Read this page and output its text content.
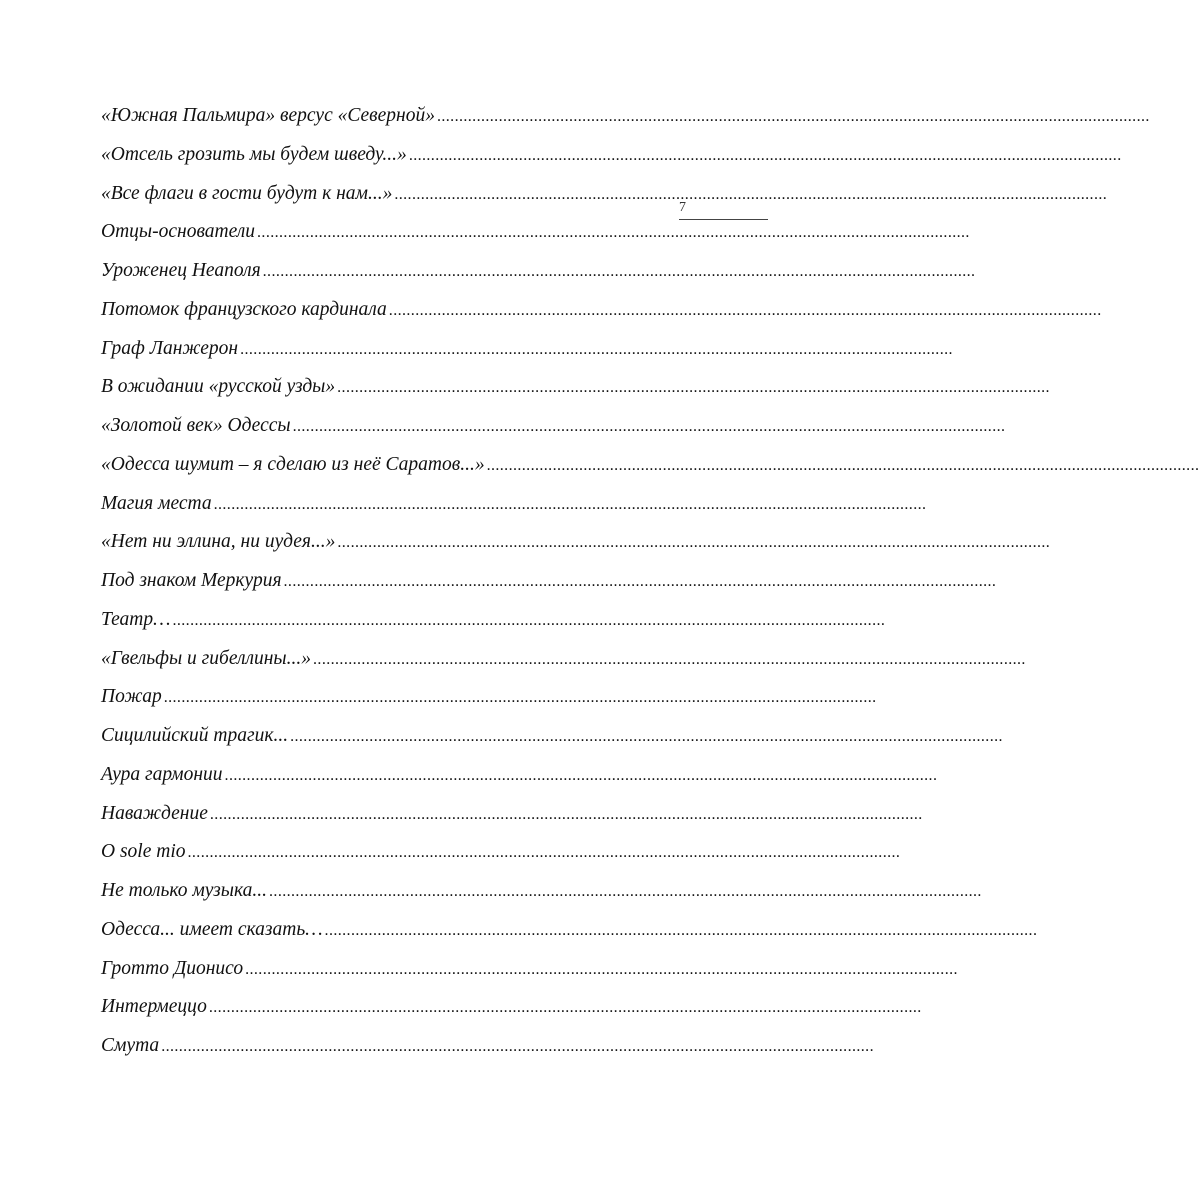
«Южная Пальмира» версус «Северной» ..................................................................................................................................................................
«Отсель грозить мы будем шведу...» ..................................................................................................................................................................
«Все флаги в гости будут к нам...» ..................................................................................................................................................................
Отцы-основатели ..................................................................................................................................................................
Уроженец Неаполя ..................................................................................................................................................................
Потомок французского кардинала ..................................................................................................................................................................
Граф Ланжерон ..................................................................................................................................................................
В ожидании «русской узды» ..................................................................................................................................................................
«Золотой век» Одессы ..................................................................................................................................................................
«Одесса шумит – я сделаю из неё Саратов...» ..................................................................................................................................................................
Магия места ..................................................................................................................................................................
«Нет ни эллина, ни иудея...» ..................................................................................................................................................................
Под знаком Меркурия ..................................................................................................................................................................
Театр… ..................................................................................................................................................................
«Гвельфы и гибеллины...» ..................................................................................................................................................................
Пожар ..................................................................................................................................................................
Сицилийский трагик... ..................................................................................................................................................................
Аура гармонии ..................................................................................................................................................................
Наваждение ..................................................................................................................................................................
O sole mio ..................................................................................................................................................................
Не только музыка... ..................................................................................................................................................................
Одесса... имеет сказать… ..................................................................................................................................................................
Гротто Дионисо ..................................................................................................................................................................
Интермеццо ..................................................................................................................................................................
Смута ..................................................................................................................................................................
7
